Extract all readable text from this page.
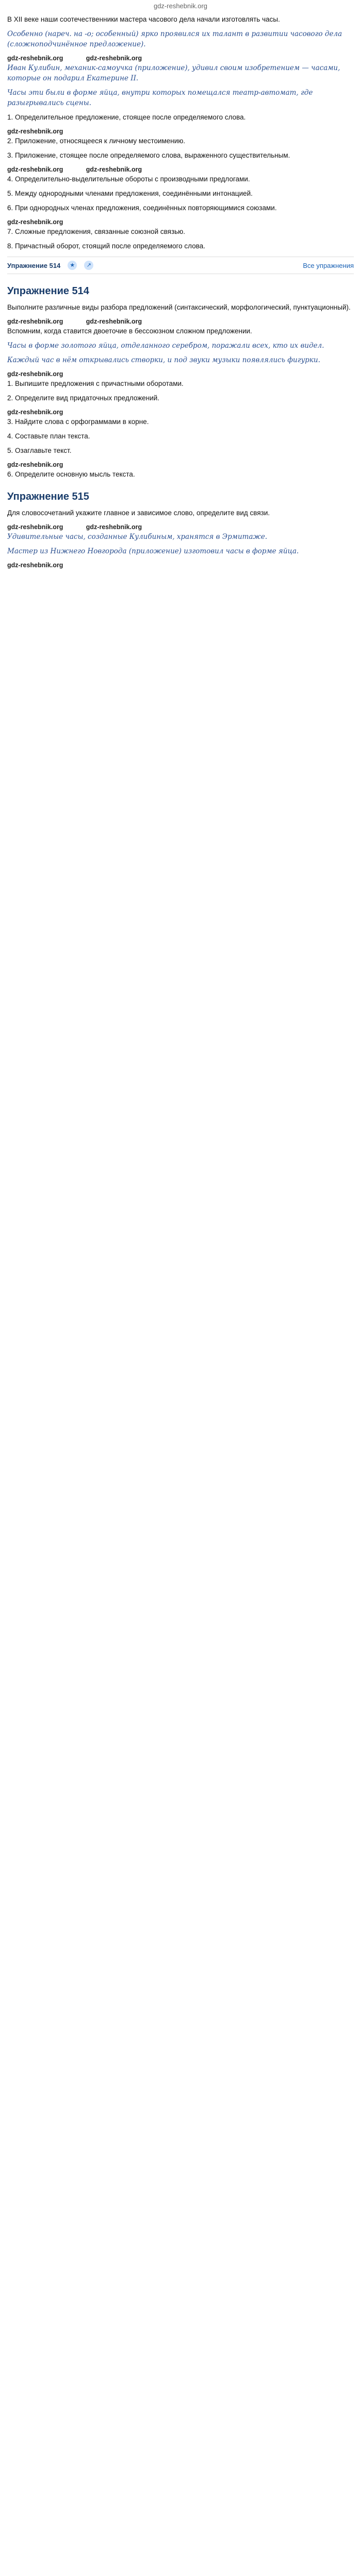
gdz-reshebnik.org

В XII веке наши соотечественники мастера часового дела начали изготовлять часы.

Особенно (нареч. на -о; особенный) ярко проявился их талант в развитии часового дела (сложноподчинённое предложение).

gdz-reshebnik.org	gdz-reshebnik.org

Иван Кулибин, механик-самоучка (приложение), удивил своим изобретением — часами, которые он подарил Екатерине II.

Часы эти были в форме яйца, внутри которых помещался театр-автомат, где разыгрывались сцены.

1. Определительное предложение, стоящее после определяемого слова.

gdz-reshebnik.org

2. Приложение, относящееся к личному местоимению.

3. Приложение, стоящее после определяемого слова, выраженного существительным.

gdz-reshebnik.org	gdz-reshebnik.org

4. Определительно-выделительные обороты с производными предлогами.

5. Между однородными членами предложения, соединёнными интонацией.

6. При однородных членах предложения, соединённых повторяющимися союзами.

gdz-reshebnik.org

7. Сложные предложения, связанные союзной связью.

8. Причастный оборот, стоящий после определяемого слова.

Упражнение 514	★	↗	Все упражнения
Упражнение 514

Выполните различные виды разбора предложений (синтаксический, морфологический, пунктуационный).

gdz-reshebnik.org	gdz-reshebnik.org

Вспомним, когда ставится двоеточие в бессоюзном сложном предложении.

Часы в форме золотого яйца, отделанного серебром, поражали всех, кто их видел.

Каждый час в нём открывались створки, и под звуки музыки появлялись фигурки.

gdz-reshebnik.org

1. Выпишите предложения с причастными оборотами.

2. Определите вид придаточных предложений.

gdz-reshebnik.org

3. Найдите слова с орфограммами в корне.

4. Составьте план текста.

5. Озаглавьте текст.

gdz-reshebnik.org

6. Определите основную мысль текста.

Упражнение 515

Для словосочетаний укажите главное и зависимое слово, определите вид связи.

gdz-reshebnik.org	gdz-reshebnik.org

Удивительные часы, созданные Кулибиным, хранятся в Эрмитаже.

Мастер из Нижнего Новгорода (приложение) изготовил часы в форме яйца.

gdz-reshebnik.org
